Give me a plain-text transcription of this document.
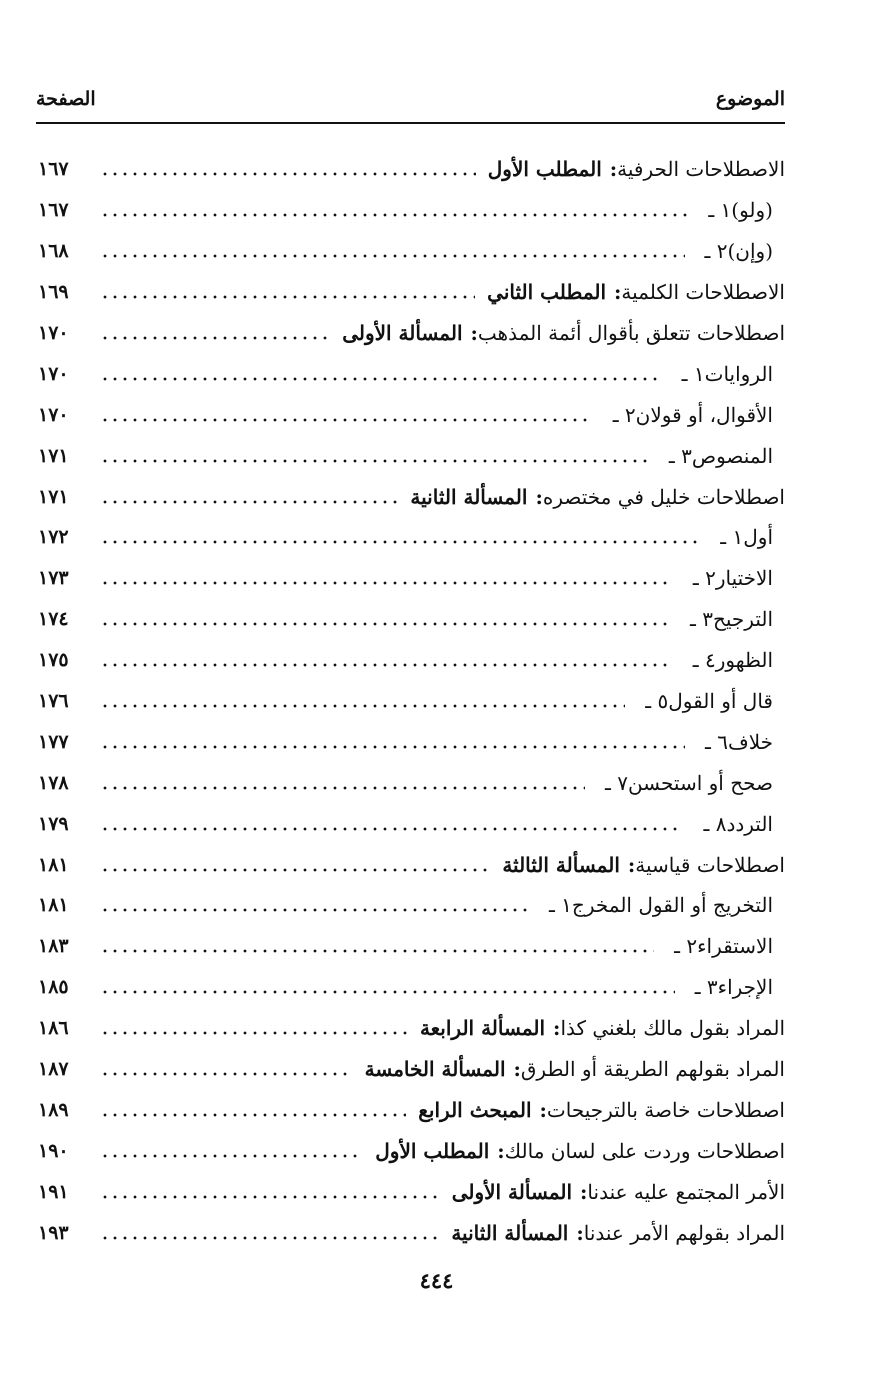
الصفحة	الموضوع
المطلب الأول : الاصطلاحات الحرفية
١٦٧
١ ـ (ولو)
١٦٧
٢ ـ (وإن)
١٦٨
المطلب الثاني : الاصطلاحات الكلمية
١٦٩
المسألة الأولى : اصطلاحات تتعلق بأقوال أئمة المذهب
١٧٠
١ ـ الروايات
١٧٠
٢ ـ الأقوال، أو قولان
١٧٠
٣ ـ المنصوص
١٧١
المسألة الثانية : اصطلاحات خليل في مختصره
١٧١
١ ـ أول
١٧٢
٢ ـ الاختيار
١٧٣
٣ ـ الترجيح
١٧٤
٤ ـ الظهور
١٧٥
٥ ـ قال أو القول
١٧٦
٦ ـ خلاف
١٧٧
٧ ـ صحح أو استحسن
١٧٨
٨ ـ التردد
١٧٩
المسألة الثالثة : اصطلاحات قياسية
١٨١
١ ـ التخريج أو القول المخرج
١٨١
٢ ـ الاستقراء
١٨٣
٣ ـ الإجراء
١٨٥
المسألة الرابعة : المراد بقول مالك بلغني كذا
١٨٦
المسألة الخامسة : المراد بقولهم الطريقة أو الطرق
١٨٧
المبحث الرابع : اصطلاحات خاصة بالترجيحات
١٨٩
المطلب الأول : اصطلاحات وردت على لسان مالك
١٩٠
المسألة الأولى : الأمر المجتمع عليه عندنا
١٩١
المسألة الثانية : المراد بقولهم الأمر عندنا
١٩٣
٤٤٤
